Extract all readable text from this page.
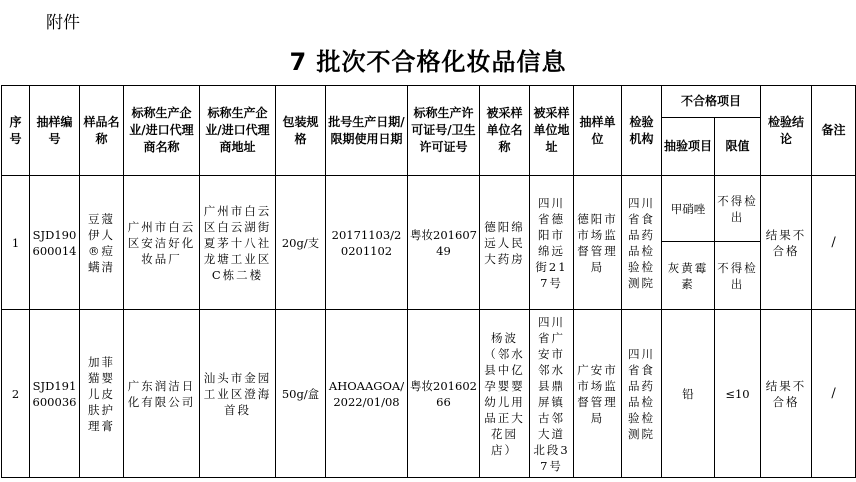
附件
7 批次不合格化妆品信息
序号	抽样编号	样品名称	标称生产企业/进口代理商名称	标称生产企业/进口代理商地址	包装规格	批号生产日期/限期使用日期	标称生产许可证号/卫生许可证号	被采样单位名称	被采样单位地址	抽样单位	检验机构	不合格项目		检验结论	备注
												抽验项目	限值		
1	SJD190600014	豆蔻伊人®痘螨清	广州市白云区安洁好化妆品厂	广州市白云区白云湖街夏茅十八社龙塘工业区C栋二楼	20g/支	20171103/20201102	粤妆20160749	德阳绵远人民大药房	四川省德阳市绵远街217号	德阳市市场监督管理局	四川省食品药品检验检测院	甲硝唑	不得检出	结果不合格	/
												灰黄霉素	不得检出		
2	SJD191600036	加菲猫婴儿皮肤护理膏	广东润洁日化有限公司	汕头市金园工业区澄海首段	50g/盒	AHOAAGOA/2022/01/08	粤妆20160266	杨波（邻水县中亿孕婴婴幼儿用品正大花园店）	四川省广安市邻水县鼎屏镇古邻大道北段37号	广安市市场监督管理局	四川省食品药品检验检测院	铅	≤10	结果不合格	/
